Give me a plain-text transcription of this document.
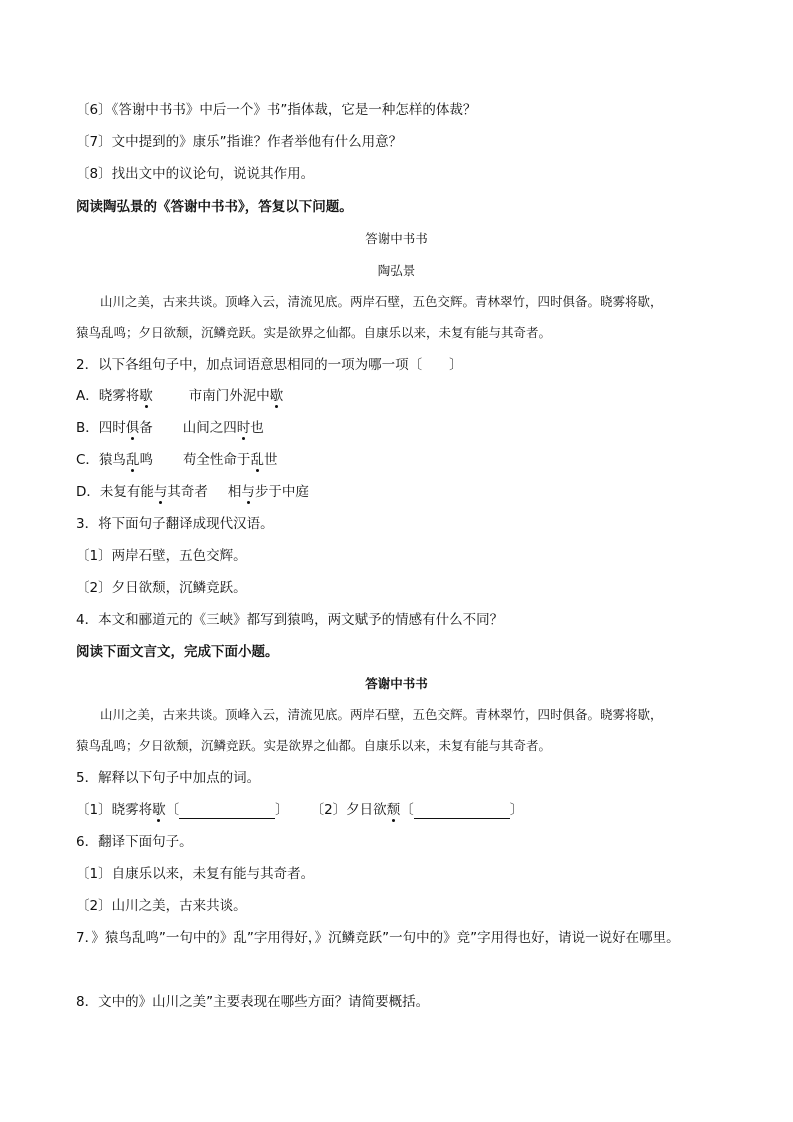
〔6〕《答谢中书书》中后一个》书”指体裁，它是一种怎样的体裁？
〔7〕文中提到的》康乐”指谁？作者举他有什么用意？
〔8〕找出文中的议论句，说说其作用。
阅读陶弘景的《答谢中书书》，答复以下问题。
答谢中书书
陶弘景
山川之美，古来共谈。顶峰入云，清流见底。两岸石壁，五色交辉。青林翠竹，四时俱备。晓雾将歇，
猿鸟乱鸣；夕日欲颓，沉鳞竞跃。实是欲界之仙都。自康乐以来，未复有能与其奇者。
2．以下各组句子中，加点词语意思相同的一项为哪一项〔　　〕
A．晓雾将歇	市南门外泥中歇
B．四时俱备 山间之四时也
C．猿鸟乱鸣 苟全性命于乱世
D．未复有能与其奇者 相与步于中庭
3．将下面句子翻译成现代汉语。
〔1〕两岸石壁，五色交辉。
〔2〕夕日欲颓，沉鳞竞跃。
4．本文和郦道元的《三峡》都写到猿鸣，两文赋予的情感有什么不同？
阅读下面文言文，完成下面小题。
答谢中书书
山川之美，古来共谈。顶峰入云，清流见底。两岸石壁，五色交辉。青林翠竹，四时俱备。晓雾将歇，
猿鸟乱鸣；夕日欲颓，沉鳞竞跃。实是欲界之仙都。自康乐以来，未复有能与其奇者。
5．解释以下句子中加点的词。
〔1〕晓雾将歇〔	〕 〔2〕夕日欲颓〔	〕
6．翻译下面句子。
〔1〕自康乐以来，未复有能与其奇者。
〔2〕山川之美，古来共谈。
7．》猿鸟乱鸣”一句中的》乱”字用得好，》沉鳞竞跃”一句中的》竞”字用得也好，请说一说好在哪里。
8．文中的》山川之美”主要表现在哪些方面？请简要概括。
